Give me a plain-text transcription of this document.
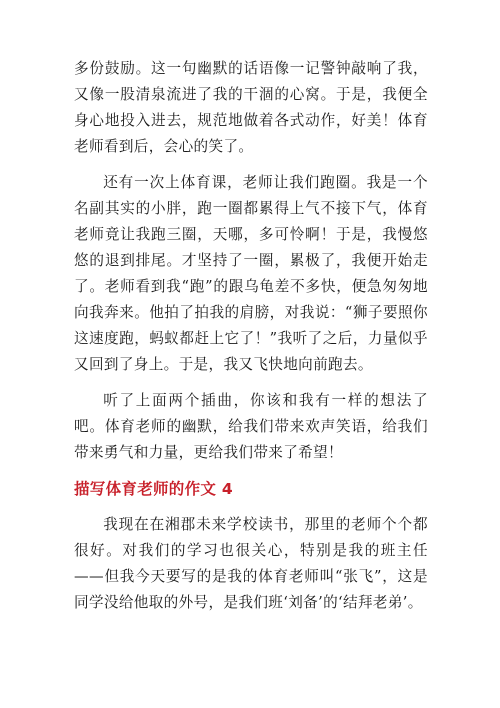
多份鼓励。这一句幽默的话语像一记警钟敲响了我，又像一股清泉流进了我的干涸的心窝。于是，我便全身心地投入进去，规范地做着各式动作，好美！体育老师看到后，会心的笑了。

还有一次上体育课，老师让我们跑圈。我是一个名副其实的小胖，跑一圈都累得上气不接下气，体育老师竟让我跑三圈，天哪，多可怜啊！于是，我慢悠悠的退到排尾。才坚持了一圈，累极了，我便开始走了。老师看到我“跑”的跟乌龟差不多快，便急匆匆地向我奔来。他拍了拍我的肩膀，对我说：“狮子要照你这速度跑，蚂蚁都赶上它了！”我听了之后，力量似乎又回到了身上。于是，我又飞快地向前跑去。

听了上面两个插曲，你该和我有一样的想法了吧。体育老师的幽默，给我们带来欢声笑语，给我们带来勇气和力量，更给我们带来了希望！

描写体育老师的作文 4

我现在在湘郡未来学校读书，那里的老师个个都很好。对我们的学习也很关心，特别是我的班主任——但我今天要写的是我的体育老师叫“张飞”，这是同学没给他取的外号，是我们班‘刘备’的‘结拜老弟’。
